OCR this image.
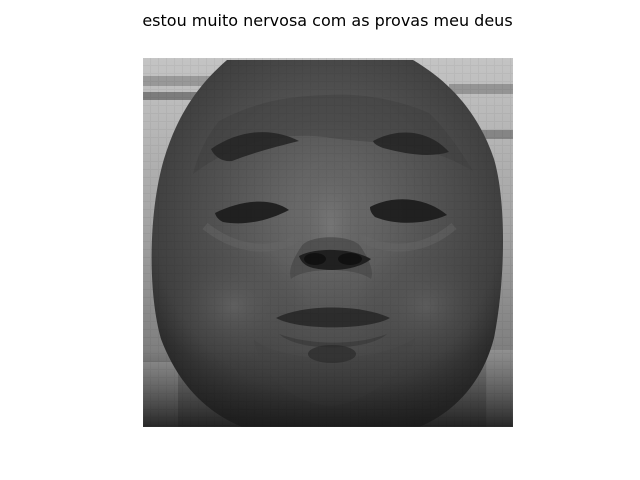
estou muito nervosa com as provas meu deus
